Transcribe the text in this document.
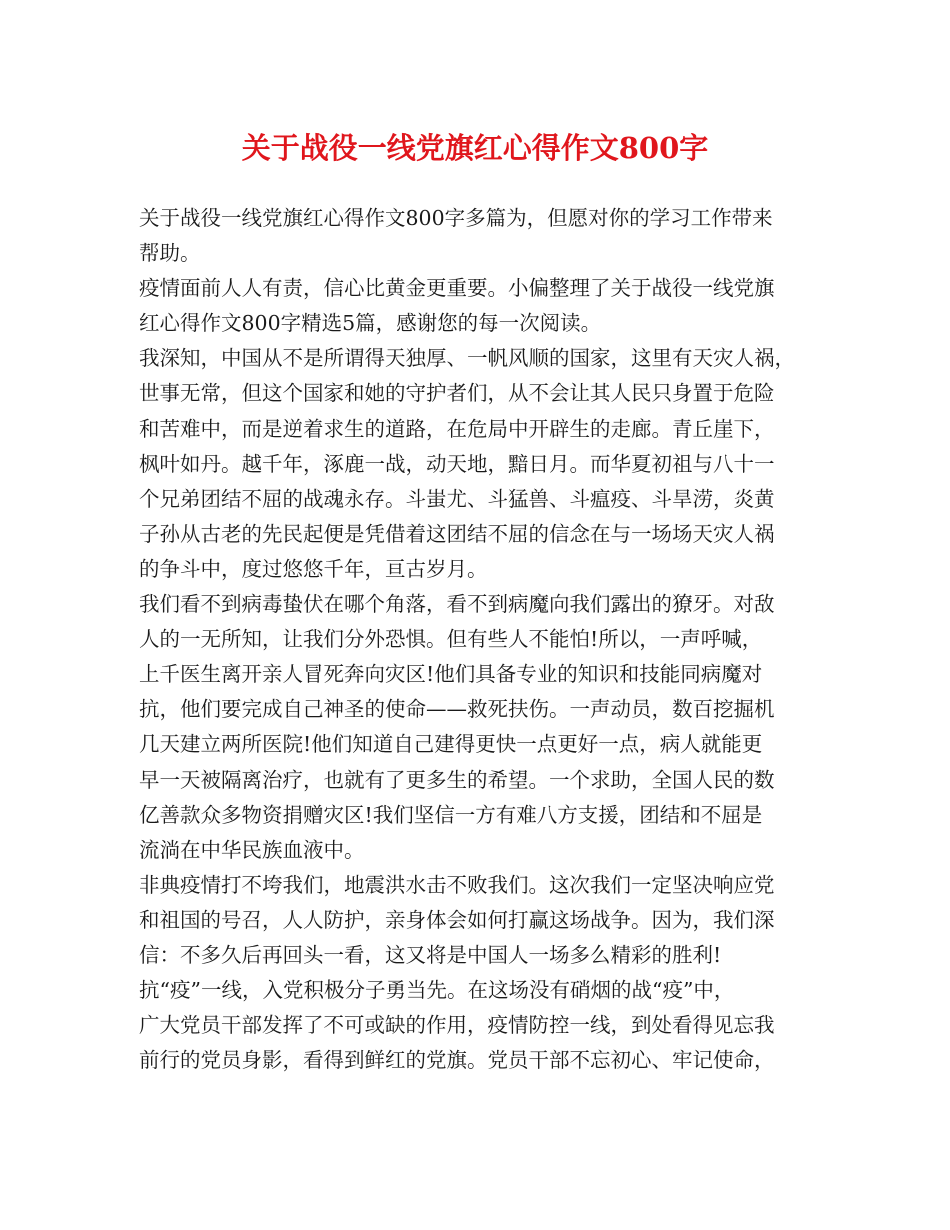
关于战役一线党旗红心得作文800字
关于战役一线党旗红心得作文800字多篇为，但愿对你的学习工作带来
帮助。
疫情面前人人有责，信心比黄金更重要。小偏整理了关于战役一线党旗
红心得作文800字精选5篇，感谢您的每一次阅读。
我深知，中国从不是所谓得天独厚、一帆风顺的国家，这里有天灾人祸，
世事无常，但这个国家和她的守护者们，从不会让其人民只身置于危险
和苦难中，而是逆着求生的道路，在危局中开辟生的走廊。青丘崖下，
枫叶如丹。越千年，涿鹿一战，动天地，黯日月。而华夏初祖与八十一
个兄弟团结不屈的战魂永存。斗蚩尤、斗猛兽、斗瘟疫、斗旱涝，炎黄
子孙从古老的先民起便是凭借着这团结不屈的信念在与一场场天灾人祸
的争斗中，度过悠悠千年，亘古岁月。
我们看不到病毒蛰伏在哪个角落，看不到病魔向我们露出的獠牙。对敌
人的一无所知，让我们分外恐惧。但有些人不能怕!所以，一声呼喊，
上千医生离开亲人冒死奔向灾区!他们具备专业的知识和技能同病魔对
抗，他们要完成自己神圣的使命——救死扶伤。一声动员，数百挖掘机
几天建立两所医院!他们知道自己建得更快一点更好一点，病人就能更
早一天被隔离治疗，也就有了更多生的希望。一个求助，全国人民的数
亿善款众多物资捐赠灾区!我们坚信一方有难八方支援，团结和不屈是
流淌在中华民族血液中。
非典疫情打不垮我们，地震洪水击不败我们。这次我们一定坚决响应党
和祖国的号召，人人防护，亲身体会如何打赢这场战争。因为，我们深
信：不多久后再回头一看，这又将是中国人一场多么精彩的胜利!
抗“疫”一线，入党积极分子勇当先。在这场没有硝烟的战“疫”中，
广大党员干部发挥了不可或缺的作用，疫情防控一线，到处看得见忘我
前行的党员身影，看得到鲜红的党旗。党员干部不忘初心、牢记使命，
